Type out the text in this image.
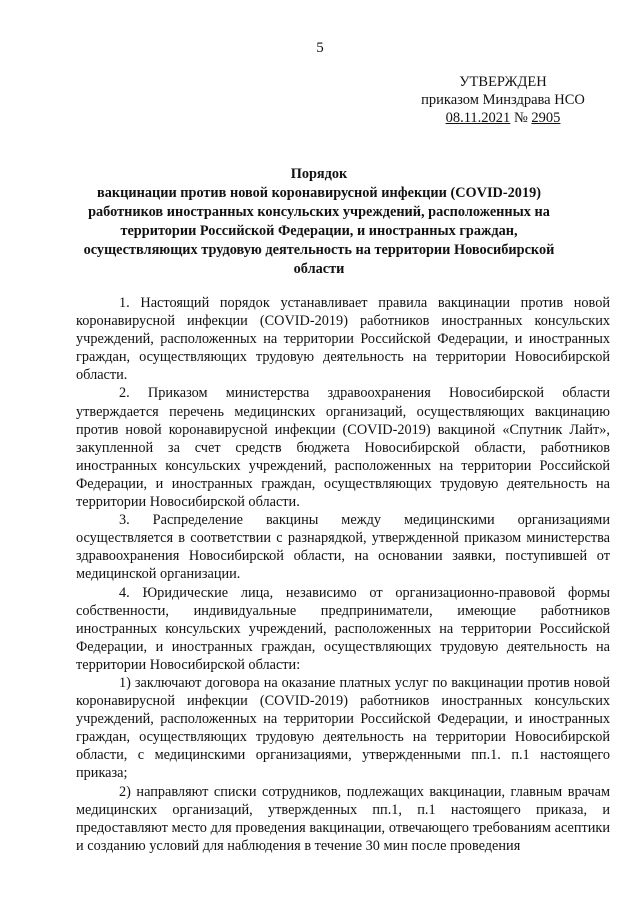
5
УТВЕРЖДЕН
приказом Минздрава НСО
08.11.2021 № 2905
Порядок
вакцинации против новой коронавирусной инфекции (COVID-2019)
работников иностранных консульских учреждений, расположенных на
территории Российской Федерации, и иностранных граждан,
осуществляющих трудовую деятельность на территории Новосибирской
области

1. Настоящий порядок устанавливает правила вакцинации против новой коронавирусной инфекции (COVID-2019) работников иностранных консульских учреждений, расположенных на территории Российской Федерации, и иностранных граждан, осуществляющих трудовую деятельность на территории Новосибирской области.

2. Приказом министерства здравоохранения Новосибирской области утверждается перечень медицинских организаций, осуществляющих вакцинацию против новой коронавирусной инфекции (COVID-2019) вакциной «Спутник Лайт», закупленной за счет средств бюджета Новосибирской области, работников иностранных консульских учреждений, расположенных на территории Российской Федерации, и иностранных граждан, осуществляющих трудовую деятельность на территории Новосибирской области.

3. Распределение вакцины между медицинскими организациями осуществляется в соответствии с разнарядкой, утвержденной приказом министерства здравоохранения Новосибирской области, на основании заявки, поступившей от медицинской организации.

4. Юридические лица, независимо от организационно-правовой формы собственности, индивидуальные предприниматели, имеющие работников иностранных консульских учреждений, расположенных на территории Российской Федерации, и иностранных граждан, осуществляющих трудовую деятельность на территории Новосибирской области:

1) заключают договора на оказание платных услуг по вакцинации против новой коронавирусной инфекции (COVID-2019) работников иностранных консульских учреждений, расположенных на территории Российской Федерации, и иностранных граждан, осуществляющих трудовую деятельность на территории Новосибирской области, с медицинскими организациями, утвержденными пп.1. п.1 настоящего приказа;

2) направляют списки сотрудников, подлежащих вакцинации, главным врачам медицинских организаций, утвержденных пп.1, п.1 настоящего приказа, и предоставляют место для проведения вакцинации, отвечающего требованиям асептики и созданию условий для наблюдения в течение 30 мин после проведения
